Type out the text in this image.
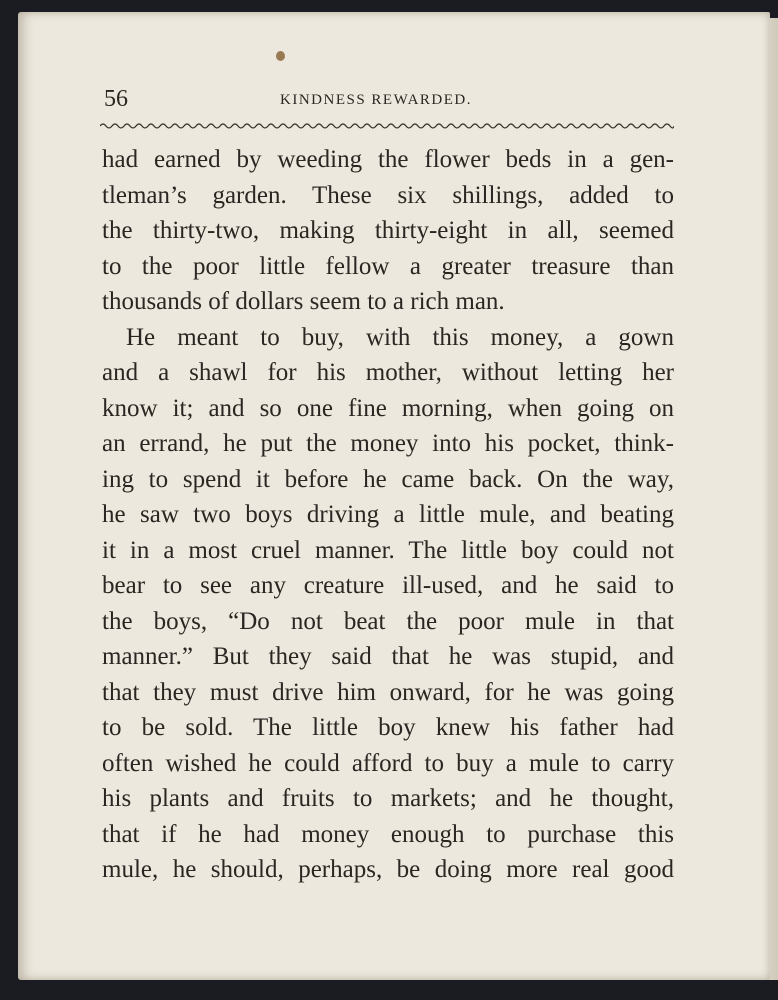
56	KINDNESS REWARDED.
had earned by weeding the flower beds in a gen-
tleman’s garden. These six shillings, added to
the thirty-two, making thirty-eight in all, seemed
to the poor little fellow a greater treasure than
thousands of dollars seem to a rich man.
He meant to buy, with this money, a gown
and a shawl for his mother, without letting her
know it; and so one fine morning, when going on
an errand, he put the money into his pocket, think-
ing to spend it before he came back. On the way,
he saw two boys driving a little mule, and beating
it in a most cruel manner. The little boy could not
bear to see any creature ill-used, and he said to
the boys, “Do not beat the poor mule in that
manner.” But they said that he was stupid, and
that they must drive him onward, for he was going
to be sold. The little boy knew his father had
often wished he could afford to buy a mule to carry
his plants and fruits to markets; and he thought,
that if he had money enough to purchase this
mule, he should, perhaps, be doing more real good
